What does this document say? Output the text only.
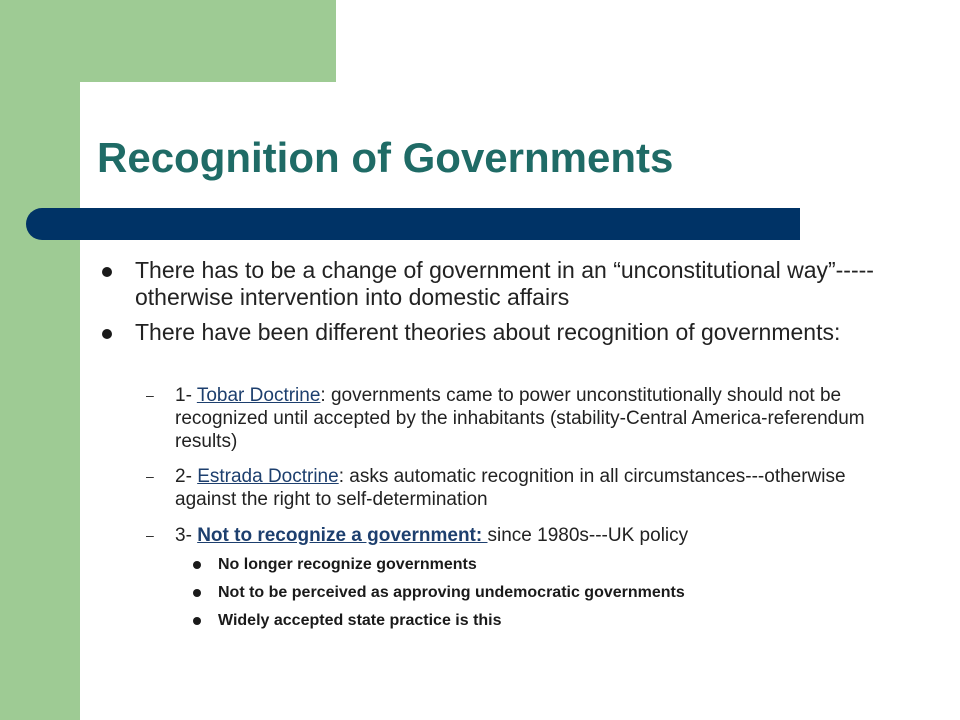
Recognition of Governments
There has to be a change of government in an “unconstitutional way”-----otherwise intervention into domestic affairs
There have been different theories about recognition of governments:
– 1- Tobar Doctrine: governments came to power unconstitutionally should not be recognized until accepted by the inhabitants (stability-Central America-referendum results)
– 2- Estrada Doctrine: asks automatic recognition in all circumstances---otherwise against the right to self-determination
– 3- Not to recognize a government: since 1980s---UK policy
No longer recognize governments
Not to be perceived as approving undemocratic governments
Widely accepted state practice is this
